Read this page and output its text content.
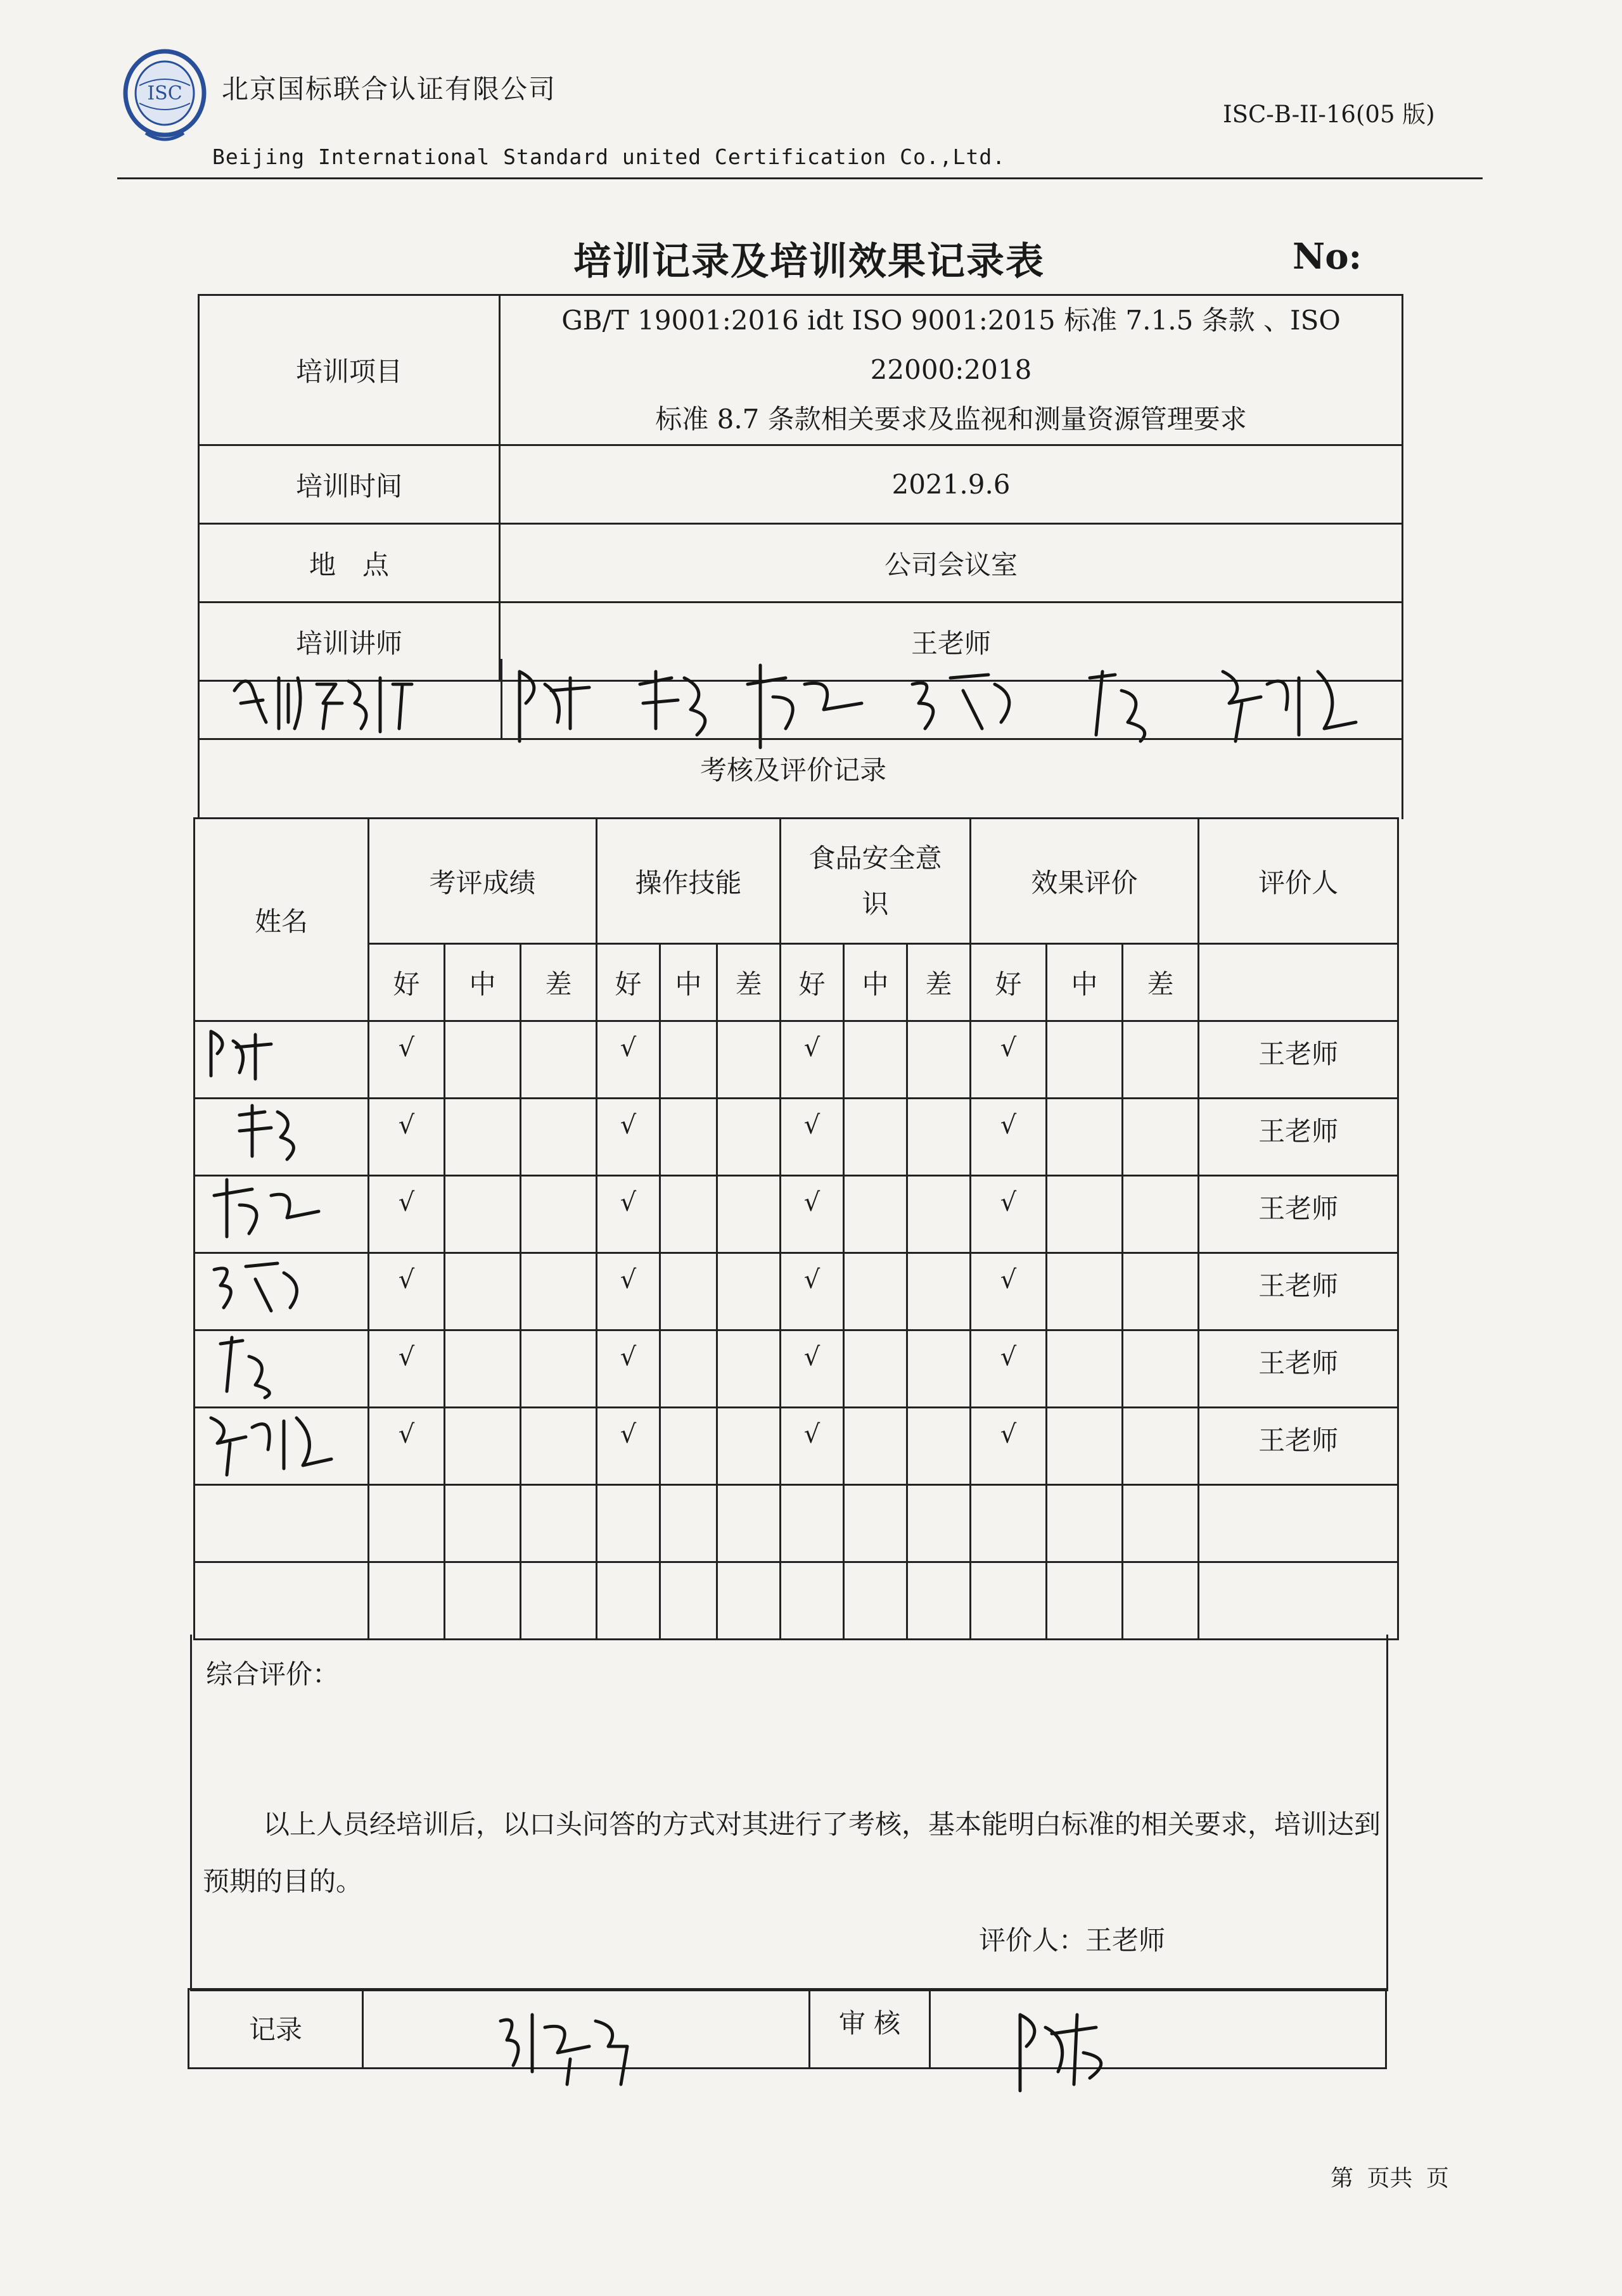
ISC 北京国标联合认证有限公司
Beijing International Standard united Certification Co.,Ltd.
ISC-B-II-16(05 版)
培训记录及培训效果记录表	No:
培训项目	GB/T 19001:2016 idt ISO 9001:2015 标准 7.1.5 条款 、ISO 22000:2018
标准 8.7 条款相关要求及监视和测量资源管理要求

培训时间	2021.9.6
地　点	公司会议室
培训讲师	王老师

姓名	考评成绩			操作技能			食品安全意识			效果评价			评价人
	好	中	差	好	中	差	好	中	差	好	中	差	

	√			√			√			√			王老师

	√			√			√			√			王老师

	√			√			√			√			王老师

	√			√			√			√			王老师

	√			√			√			√			王老师

	√			√			√			√			王老师

考核及评价记录
综合评价：
以上人员经培训后，以口头问答的方式对其进行了考核，基本能明白标准的相关要求，培训达到预期的目的。
评价人：王老师
记录		审 核	
第 页共 页
